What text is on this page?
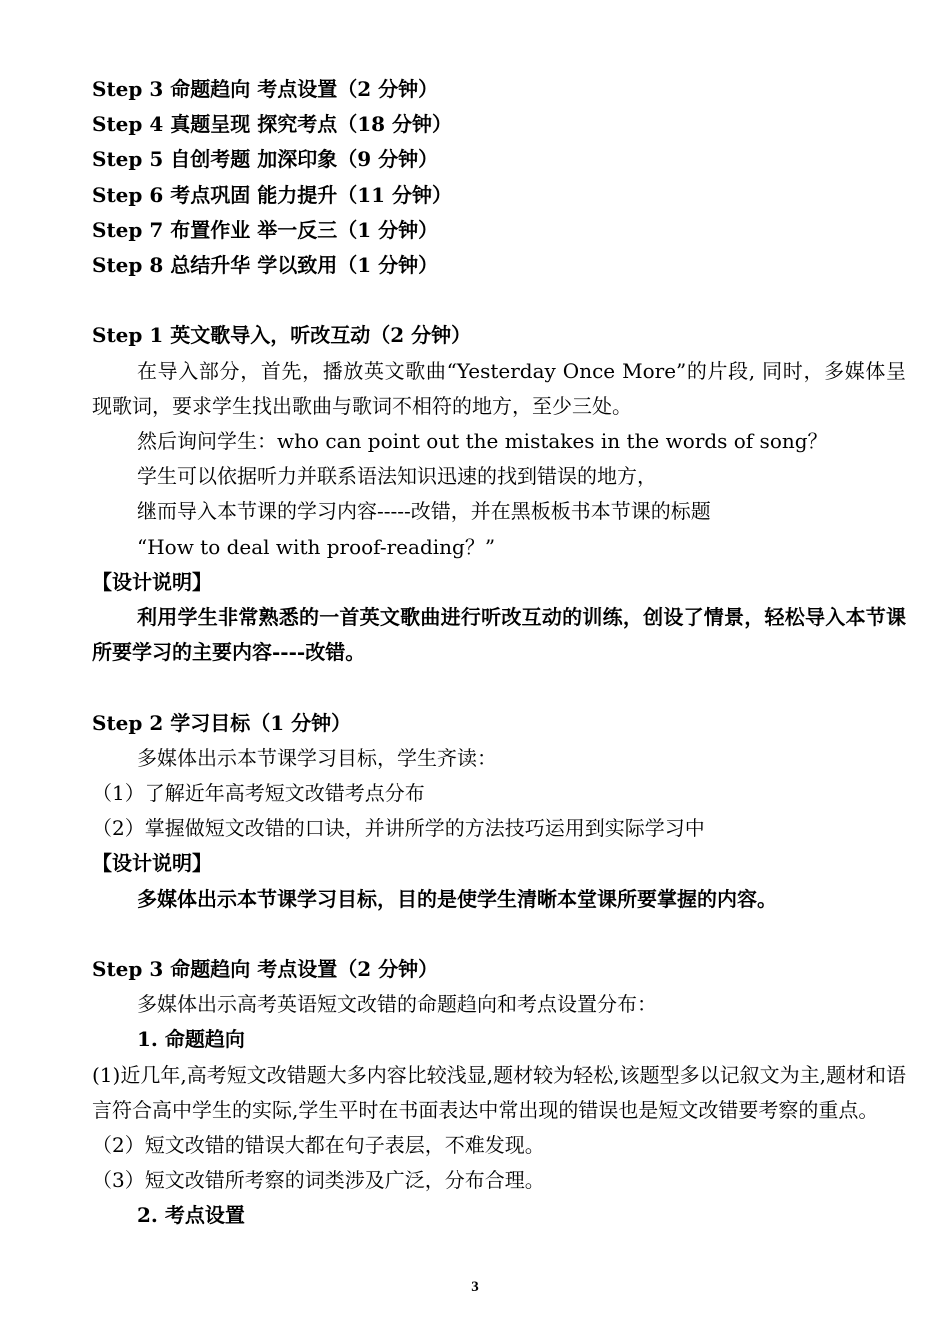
Step 3 命题趋向 考点设置（2 分钟）
Step 4 真题呈现 探究考点（18 分钟）
Step 5 自创考题 加深印象（9 分钟）
Step 6 考点巩固 能力提升（11 分钟）
Step 7 布置作业 举一反三（1 分钟）
Step 8 总结升华 学以致用（1 分钟）
Step 1 英文歌导入，听改互动（2 分钟）
在导入部分，首先，播放英文歌曲“Yesterday Once More”的片段, 同时，多媒体呈现歌词，要求学生找出歌曲与歌词不相符的地方，至少三处。
然后询问学生：who can point out the mistakes in the words of song？
学生可以依据听力并联系语法知识迅速的找到错误的地方，
继而导入本节课的学习内容-----改错，并在黑板板书本节课的标题
“How to deal with proof-reading？”
【设计说明】
利用学生非常熟悉的一首英文歌曲进行听改互动的训练，创设了情景，轻松导入本节课所要学习的主要内容----改错。
Step 2 学习目标（1 分钟）
多媒体出示本节课学习目标，学生齐读：
（1）了解近年高考短文改错考点分布
（2）掌握做短文改错的口诀，并讲所学的方法技巧运用到实际学习中
【设计说明】
多媒体出示本节课学习目标，目的是使学生清晰本堂课所要掌握的内容。
Step 3 命题趋向 考点设置（2 分钟）
多媒体出示高考英语短文改错的命题趋向和考点设置分布：
1. 命题趋向
(1)近几年,高考短文改错题大多内容比较浅显,题材较为轻松,该题型多以记叙文为主,题材和语言符合高中学生的实际,学生平时在书面表达中常出现的错误也是短文改错要考察的重点。
（2）短文改错的错误大都在句子表层，不难发现。
（3）短文改错所考察的词类涉及广泛，分布合理。
2. 考点设置
3
